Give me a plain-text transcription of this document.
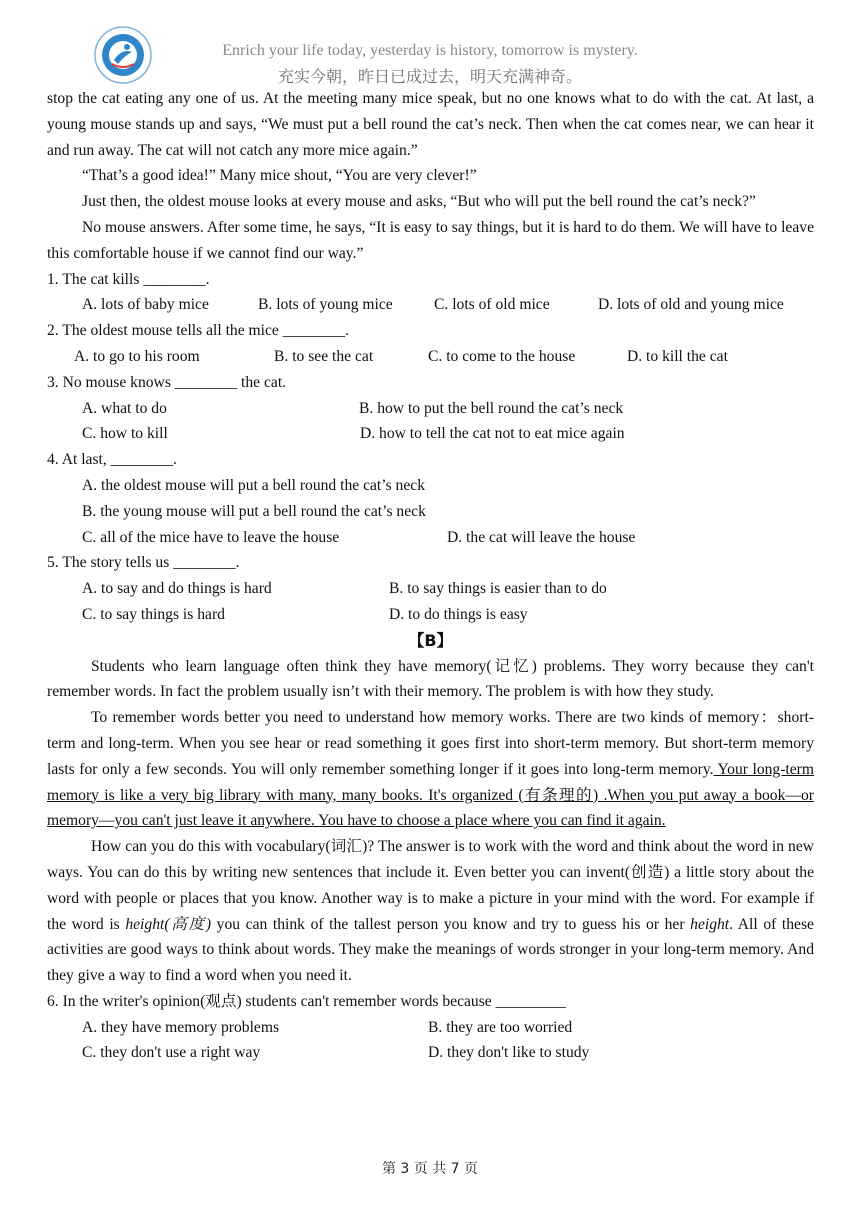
Enrich your life today, yesterday is history, tomorrow is mystery.
充实今朝，昨日已成过去，明天充满神奇。

stop the cat eating any one of us. At the meeting many mice speak, but no one knows what to do with the cat. At last, a young mouse stands up and says, “We must put a bell round the cat’s neck. Then when the cat comes near, we can hear it and run away. The cat will not catch any more mice again.”

“That’s a good idea!” Many mice shout, “You are very clever!”

Just then, the oldest mouse looks at every mouse and asks, “But who will put the bell round the cat’s neck?”

No mouse answers. After some time, he says, “It is easy to say things, but it is hard to do them. We will have to leave this comfortable house if we cannot find our way.”

1. The cat kills ________.

A. lots of baby mice	B. lots of young mice	C. lots of old mice	D. lots of old and young mice

2. The oldest mouse tells all the mice ________.

A. to go to his room	B. to see the cat	C. to come to the house	D. to kill the cat

3. No mouse knows ________ the cat.

A. what to do	B. how to put the bell round the cat’s neck
C. how to kill	D. how to tell the cat not to eat mice again

4. At last, ________.

A. the oldest mouse will put a bell round the cat’s neck
B. the young mouse will put a bell round the cat’s neck
C. all of the mice have to leave the house	D. the cat will leave the house

5. The story tells us ________.

A. to say and do things is hard	B. to say things is easier than to do
C. to say things is hard	D. to do things is easy
【B】

Students who learn language often think they have memory(记忆) problems. They worry because they can't remember words. In fact the problem usually isn’t with their memory. The problem is with how they study.

To remember words better you need to understand how memory works. There are two kinds of memory：short-term and long-term. When you see hear or read something it goes first into short-term memory. But short-term memory lasts for only a few seconds. You will only remember something longer if it goes into long-term memory. Your long-term memory is like a very big library with many, many books. It's organized (有条理的) .When you put away a book—or memory—you can't just leave it anywhere. You have to choose a place where you can find it again.

How can you do this with vocabulary(词汇)? The answer is to work with the word and think about the word in new ways. You can do this by writing new sentences that include it. Even better you can invent(创造) a little story about the word with people or places that you know. Another way is to make a picture in your mind with the word. For example if the word is height(高度) you can think of the tallest person you know and try to guess his or her height. All of these activities are good ways to think about words. They make the meanings of words stronger in your long-term memory. And they give a way to find a word when you need it.

6. In the writer's opinion(观点) students can't remember words because _________

A. they have memory problems	B. they are too worried
C. they don't use a right way	D. they don't like to study
第 3 页 共 7 页
